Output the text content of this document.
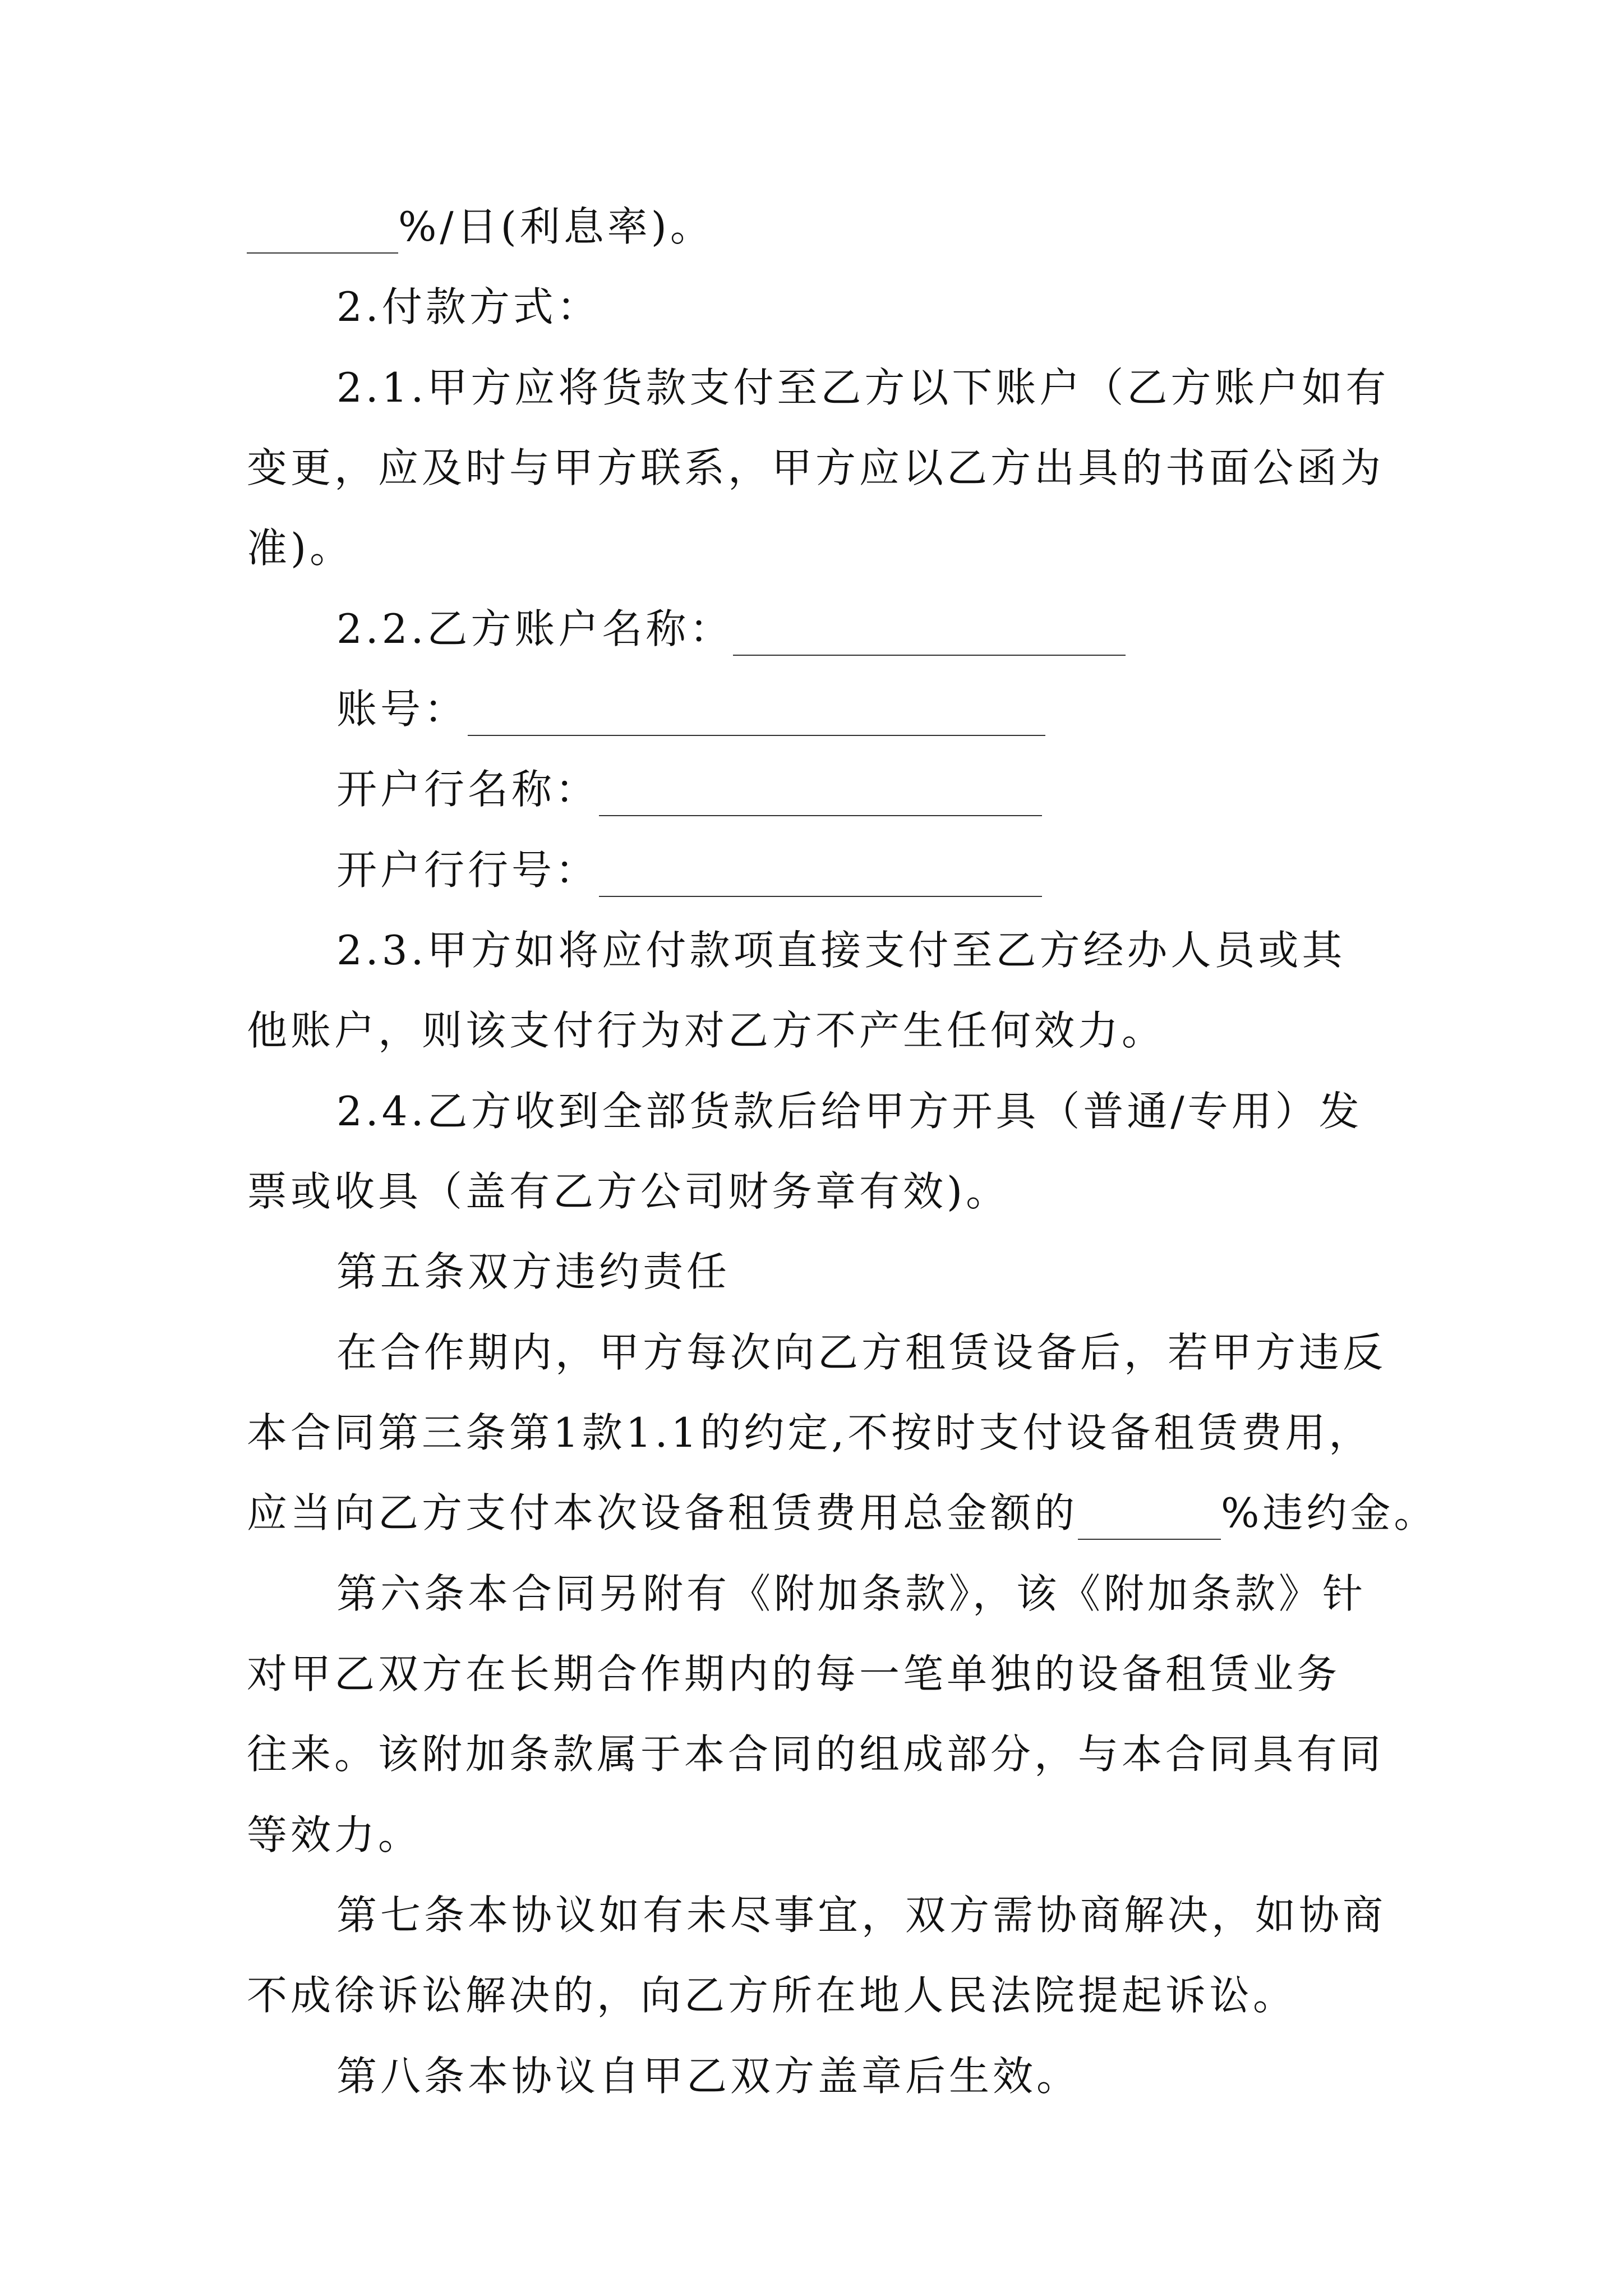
%/日(利息率)。
2.付款方式：
2.1.甲方应将货款支付至乙方以下账户（乙方账户如有
变更，应及时与甲方联系，甲方应以乙方出具的书面公函为
准)。
2.2.乙方账户名称：
账号：
开户行名称：
开户行行号：
2.3.甲方如将应付款项直接支付至乙方经办人员或其
他账户，则该支付行为对乙方不产生任何效力。
2.4.乙方收到全部货款后给甲方开具（普通/专用）发
票或收具（盖有乙方公司财务章有效)。
第五条双方违约责任
在合作期内，甲方每次向乙方租赁设备后，若甲方违反
本合同第三条第1款1.1的约定,不按时支付设备租赁费用，
应当向乙方支付本次设备租赁费用总金额的	%违约金。
第六条本合同另附有《附加条款》，该《附加条款》针
对甲乙双方在长期合作期内的每一笔单独的设备租赁业务
往来。该附加条款属于本合同的组成部分，与本合同具有同
等效力。
第七条本协议如有未尽事宜，双方需协商解决，如协商
不成徐诉讼解决的，向乙方所在地人民法院提起诉讼。
第八条本协议自甲乙双方盖章后生效。
